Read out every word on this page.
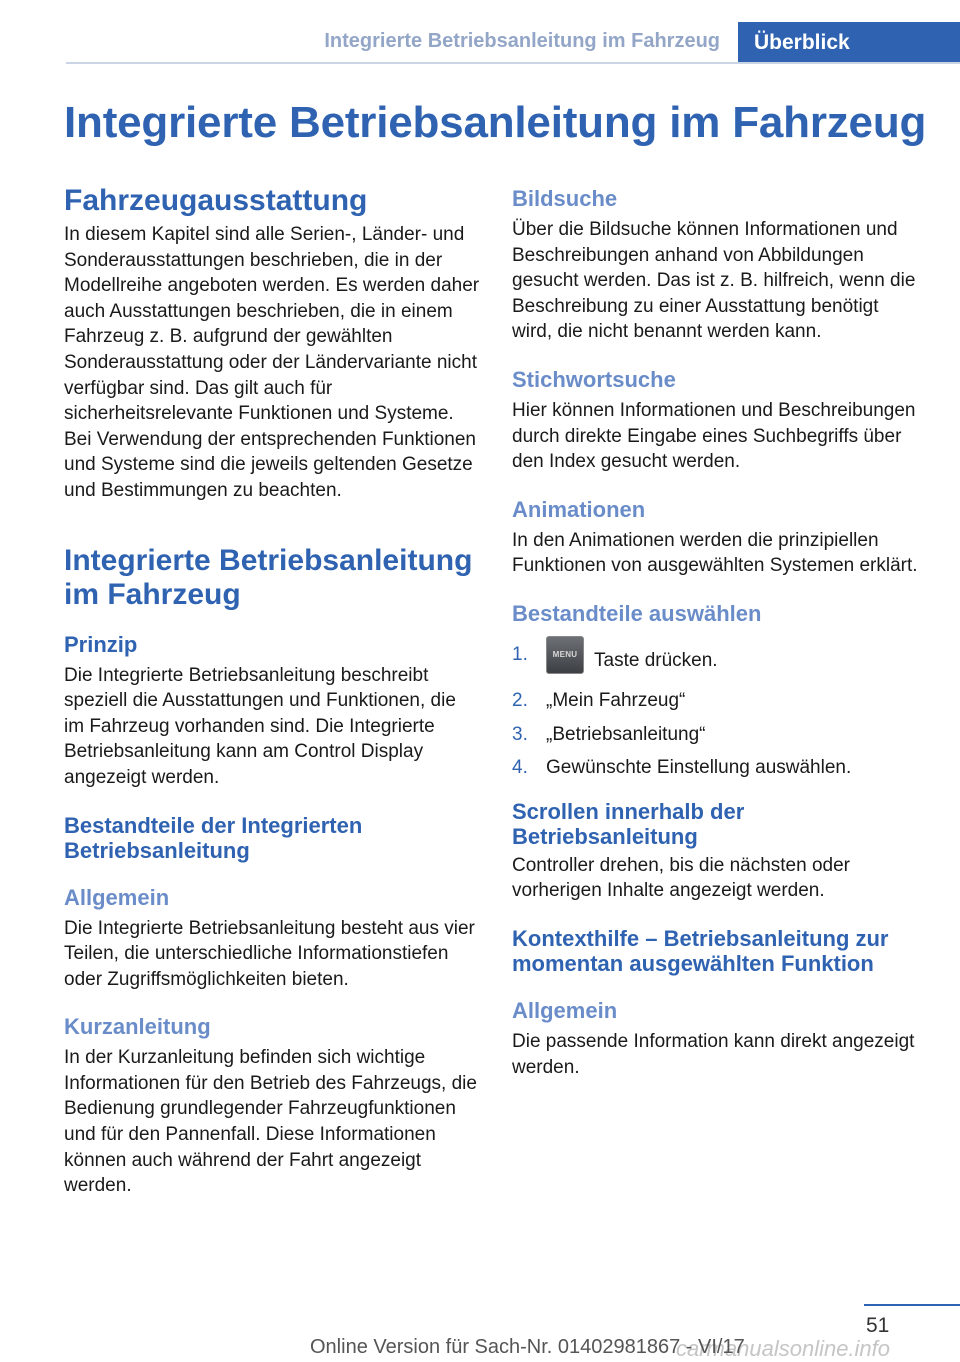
Integrierte Betriebsanleitung im Fahrzeug	Überblick
Integrierte Betriebsanleitung im Fahrzeug
Fahrzeugausstattung

In diesem Kapitel sind alle Serien-, Länder- und Sonderausstattungen beschrieben, die in der Modellreihe angeboten werden. Es werden daher auch Ausstattungen beschrieben, die in einem Fahrzeug z. B. aufgrund der gewählten Sonderausstattung oder der Ländervariante nicht verfügbar sind. Das gilt auch für sicherheitsrelevante Funktionen und Systeme. Bei Verwendung der entsprechenden Funktionen und Systeme sind die jeweils geltenden Gesetze und Bestimmungen zu beachten.

Integrierte Betriebsanleitung im Fahrzeug
Prinzip

Die Integrierte Betriebsanleitung beschreibt speziell die Ausstattungen und Funktionen, die im Fahrzeug vorhanden sind. Die Integrierte Betriebsanleitung kann am Control Display angezeigt werden.

Bestandteile der Integrierten Betriebsanleitung
Allgemein

Die Integrierte Betriebsanleitung besteht aus vier Teilen, die unterschiedliche Informationstiefen oder Zugriffsmöglichkeiten bieten.

Kurzanleitung

In der Kurzanleitung befinden sich wichtige Informationen für den Betrieb des Fahrzeugs, die Bedienung grundlegender Fahrzeugfunktionen und für den Pannenfall. Diese Informationen können auch während der Fahrt angezeigt werden.

Bildsuche

Über die Bildsuche können Informationen und Beschreibungen anhand von Abbildungen gesucht werden. Das ist z. B. hilfreich, wenn die Beschreibung zu einer Ausstattung benötigt wird, die nicht benannt werden kann.

Stichwortsuche

Hier können Informationen und Beschreibungen durch direkte Eingabe eines Suchbegriffs über den Index gesucht werden.

Animationen

In den Animationen werden die prinzipiellen Funktionen von ausgewählten Systemen erklärt.

Bestandteile auswählen
1.	MENU Taste drücken.
2. „Mein Fahrzeug“
3. „Betriebsanleitung“
4. Gewünschte Einstellung auswählen.
Scrollen innerhalb der Betriebsanleitung

Controller drehen, bis die nächsten oder vorherigen Inhalte angezeigt werden.

Kontexthilfe – Betriebsanleitung zur momentan ausgewählten Funktion
Allgemein

Die passende Information kann direkt angezeigt werden.

51
carmanualsonline.info
Online Version für Sach-Nr. 01402981867 - VI/17
